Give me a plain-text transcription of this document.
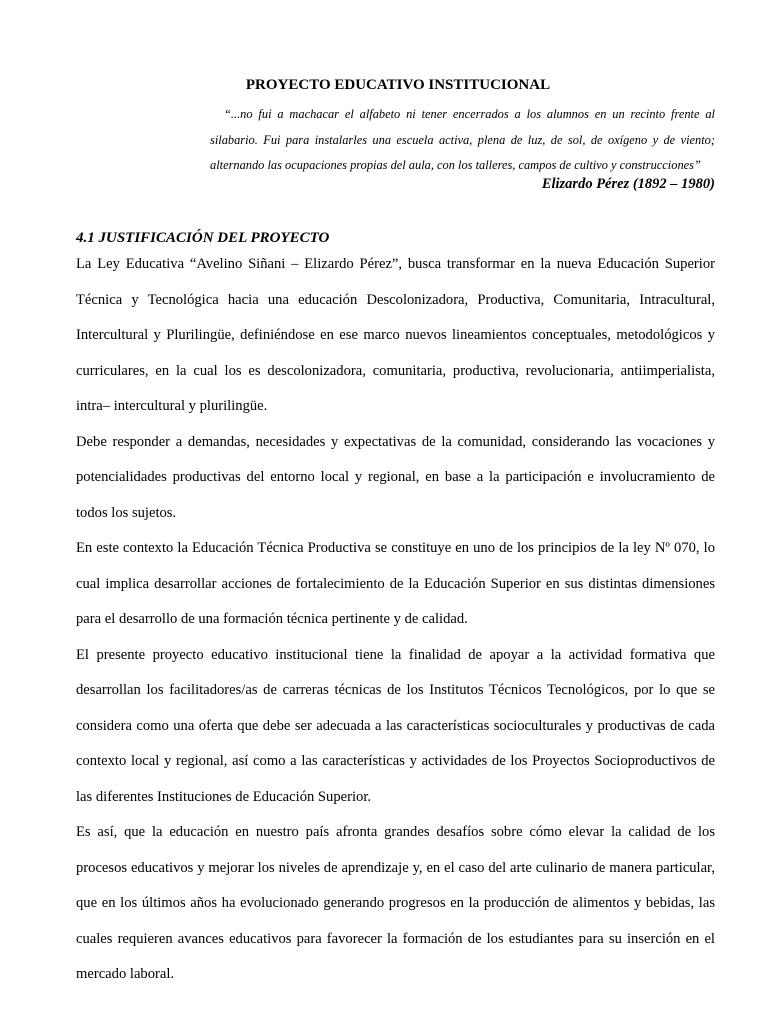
PROYECTO EDUCATIVO INSTITUCIONAL

“...no fui a machacar el alfabeto ni tener encerrados a los alumnos en un recinto frente al silabario. Fui para instalarles una escuela activa, plena de luz, de sol, de oxígeno y de viento; alternando las ocupaciones propias del aula, con los talleres, campos de cultivo y construcciones”

Elizardo Pérez (1892 – 1980)

4.1 JUSTIFICACIÓN DEL PROYECTO

La Ley Educativa “Avelino Siñani – Elizardo Pérez”, busca transformar en la nueva Educación Superior Técnica y Tecnológica hacia una educación Descolonizadora, Productiva, Comunitaria, Intracultural, Intercultural y Plurilingüe, definiéndose en ese marco nuevos lineamientos conceptuales, metodológicos y curriculares, en la cual los es descolonizadora, comunitaria, productiva, revolucionaria, antiimperialista, intra– intercultural y plurilingüe.

Debe responder a demandas, necesidades y expectativas de la comunidad, considerando las vocaciones y potencialidades productivas del entorno local y regional, en base a la participación e involucramiento de todos los sujetos.

En este contexto la Educación Técnica Productiva se constituye en uno de los principios de la ley Nº 070, lo cual implica desarrollar acciones de fortalecimiento de la Educación Superior en sus distintas dimensiones para el desarrollo de una formación técnica pertinente y de calidad.

El presente proyecto educativo institucional tiene la finalidad de apoyar a la actividad formativa que desarrollan los facilitadores/as de carreras técnicas de los Institutos Técnicos Tecnológicos, por lo que se considera como una oferta que debe ser adecuada a las características socioculturales y productivas de cada contexto local y regional, así como a las características y actividades de los Proyectos Socioproductivos de las diferentes Instituciones de Educación Superior.

Es así, que la educación en nuestro país afronta grandes desafíos sobre cómo elevar la calidad de los procesos educativos y mejorar los niveles de aprendizaje y, en el caso del arte culinario de manera particular, que en los últimos años ha evolucionado generando progresos en la producción de alimentos y bebidas, las cuales requieren avances educativos para favorecer la formación de los estudiantes para su inserción en el mercado laboral.
